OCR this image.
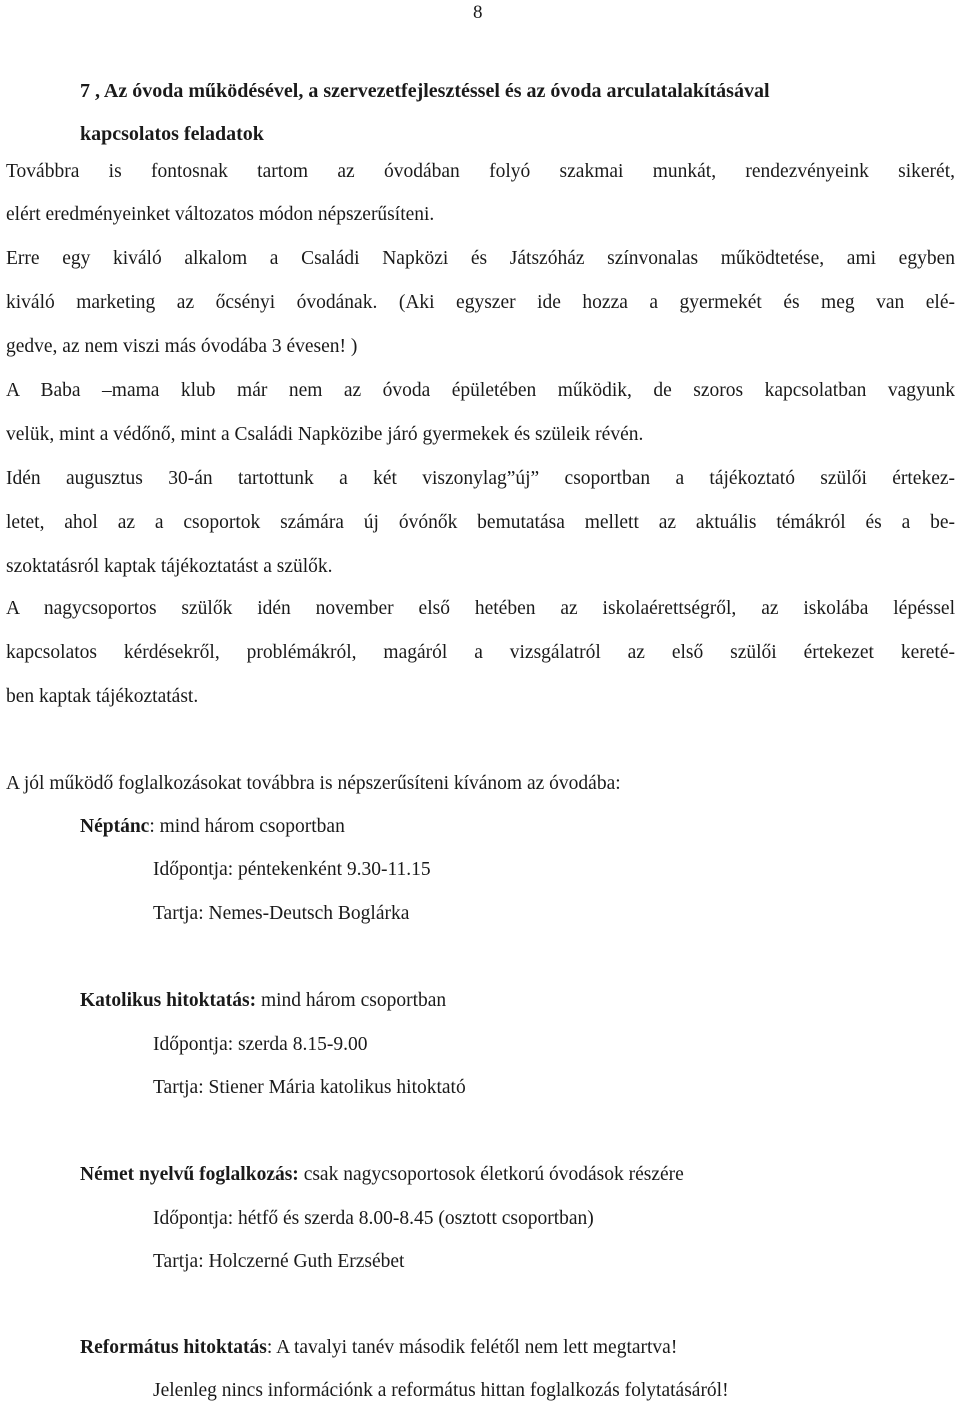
8
7 , Az óvoda működésével, a szervezetfejlesztéssel és az óvoda arculatalakításával
kapcsolatos feladatok
Továbbra is fontosnak tartom az óvodában folyó szakmai munkát, rendezvényeink sikerét,
elért eredményeinket változatos módon népszerűsíteni.
Erre egy kiváló alkalom a Családi Napközi és Játszóház színvonalas működtetése, ami egyben
kiváló marketing az őcsényi óvodának. (Aki egyszer ide hozza a gyermekét és meg van elé-
gedve, az nem viszi más óvodába 3 évesen! )
A Baba –mama klub már nem az óvoda épületében működik, de szoros kapcsolatban vagyunk
velük, mint a védőnő, mint a Családi Napközibe járó gyermekek és szüleik révén.
Idén augusztus 30-án tartottunk a két viszonylag”új” csoportban a tájékoztató szülői értekez-
letet, ahol az a csoportok számára új óvónők bemutatása mellett az aktuális témákról és a be-
szoktatásról kaptak tájékoztatást a szülők.
A nagycsoportos szülők idén november első hetében az iskolaérettségről, az iskolába lépéssel
kapcsolatos kérdésekről, problémákról, magáról a vizsgálatról az első szülői értekezet kereté-
ben kaptak tájékoztatást.
A jól működő foglalkozásokat továbbra is népszerűsíteni kívánom az óvodába:
Néptánc: mind három csoportban
Időpontja: péntekenként 9.30-11.15
Tartja: Nemes-Deutsch Boglárka
Katolikus hitoktatás: mind három csoportban
Időpontja: szerda 8.15-9.00
Tartja: Stiener Mária katolikus hitoktató
Német nyelvű foglalkozás: csak nagycsoportosok életkorú óvodások részére
Időpontja: hétfő és szerda 8.00-8.45 (osztott csoportban)
Tartja: Holczerné Guth Erzsébet
Református hitoktatás: A tavalyi tanév második felétől nem lett megtartva!
Jelenleg nincs információnk a református hittan foglalkozás folytatásáról!
